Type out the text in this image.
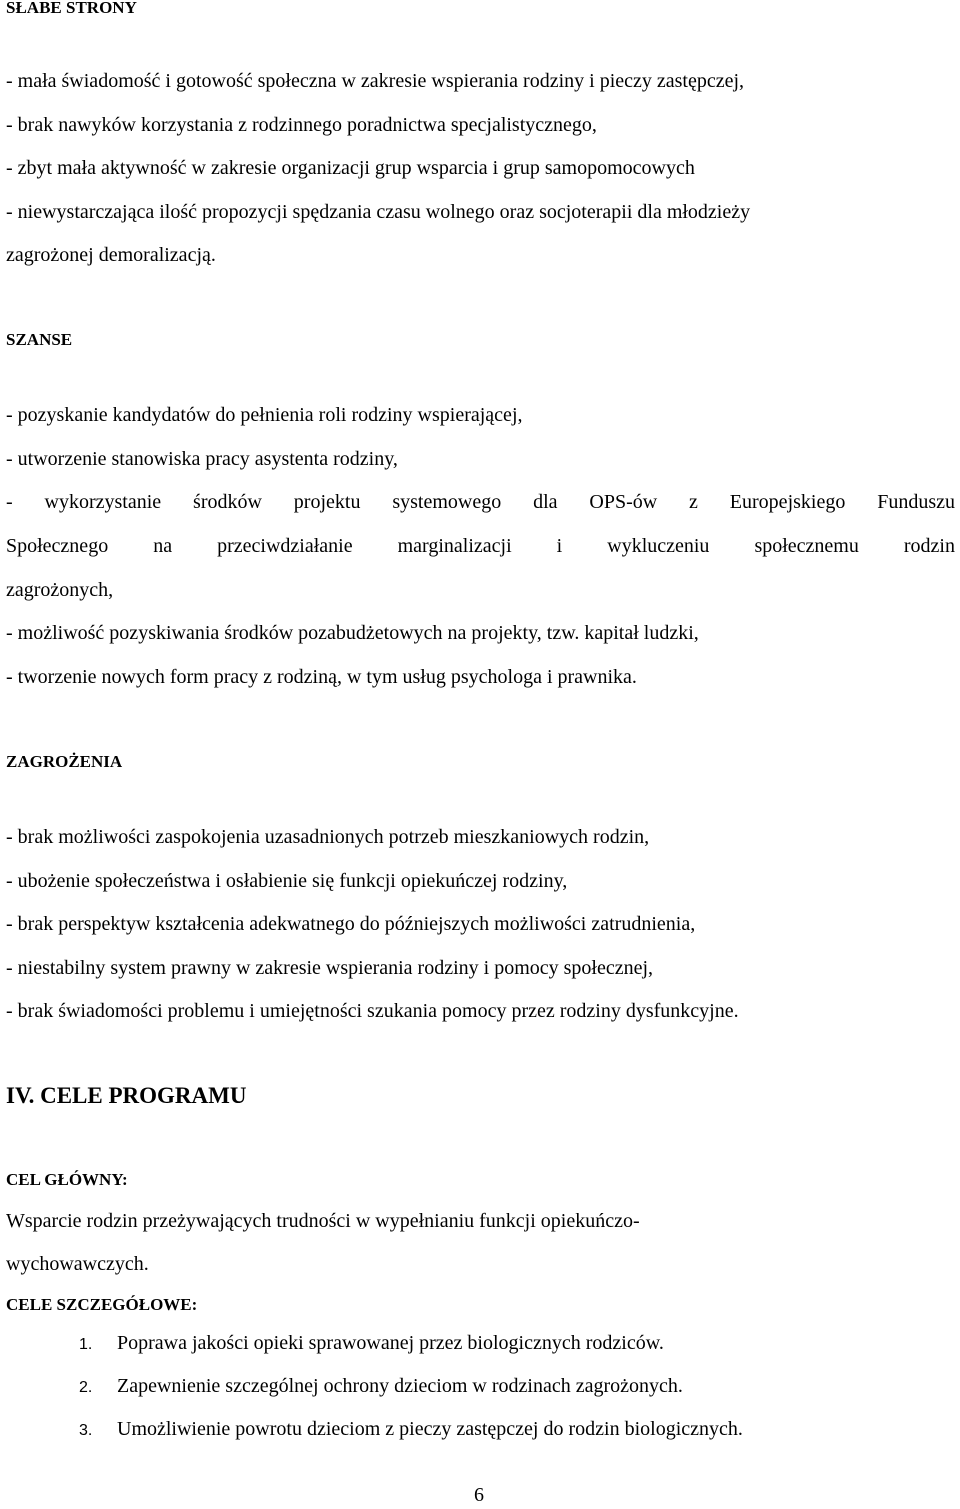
SŁABE STRONY
- mała świadomość i gotowość społeczna w zakresie wspierania rodziny i pieczy zastępczej,
- brak nawyków korzystania z rodzinnego poradnictwa specjalistycznego,
- zbyt mała aktywność w zakresie organizacji grup wsparcia i grup samopomocowych
- niewystarczająca ilość propozycji spędzania czasu wolnego oraz socjoterapii dla młodzieży
zagrożonej demoralizacją.
SZANSE
- pozyskanie kandydatów do pełnienia roli rodziny wspierającej,
- utworzenie stanowiska pracy asystenta rodziny,
- wykorzystanie środków projektu systemowego dla OPS-ów z Europejskiego Funduszu
Społecznego na przeciwdziałanie marginalizacji i wykluczeniu społecznemu rodzin
zagrożonych,
- możliwość pozyskiwania środków pozabudżetowych na projekty, tzw. kapitał ludzki,
- tworzenie nowych form pracy z rodziną, w tym usług psychologa i prawnika.
ZAGROŻENIA
- brak możliwości zaspokojenia uzasadnionych potrzeb mieszkaniowych rodzin,
- ubożenie społeczeństwa i osłabienie się funkcji opiekuńczej rodziny,
- brak perspektyw kształcenia adekwatnego do późniejszych możliwości zatrudnienia,
- niestabilny system prawny w zakresie wspierania rodziny i pomocy społecznej,
- brak świadomości problemu i umiejętności szukania pomocy przez rodziny dysfunkcyjne.
IV. CELE PROGRAMU
CEL GŁÓWNY:
Wsparcie rodzin przeżywających trudności w wypełnianiu funkcji opiekuńczo-
wychowawczych.
CELE SZCZEGÓŁOWE:
1. Poprawa jakości opieki sprawowanej przez biologicznych rodziców.
2. Zapewnienie szczególnej ochrony dzieciom w rodzinach zagrożonych.
3. Umożliwienie powrotu dzieciom z pieczy zastępczej do rodzin biologicznych.
6
